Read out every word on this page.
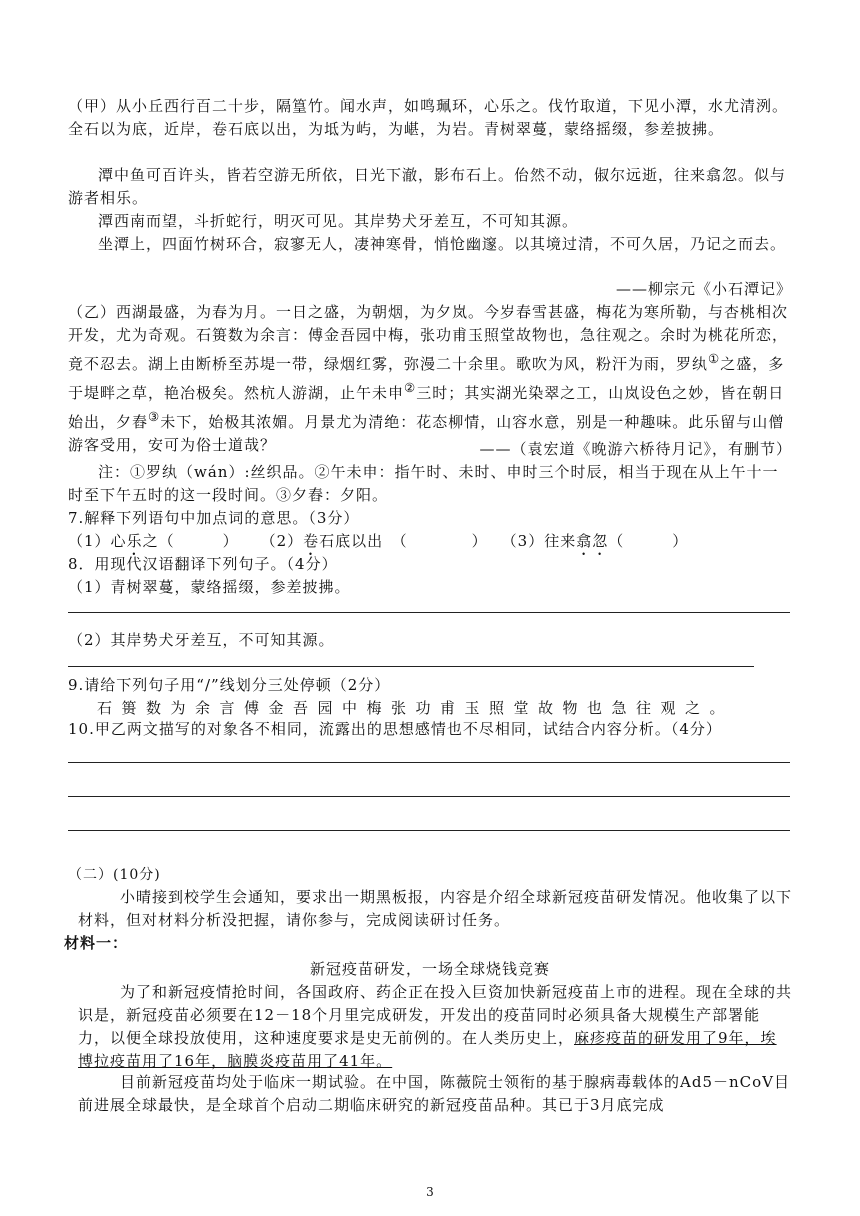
（甲）从小丘西行百二十步，隔篁竹。闻水声，如鸣珮环，心乐之。伐竹取道，下见小潭，水尤清洌。全石以为底，近岸，卷石底以出，为坻为屿，为嵁，为岩。青树翠蔓，蒙络摇缀，参差披拂。

潭中鱼可百许头，皆若空游无所依，日光下澈，影布石上。佁然不动，俶尔远逝，往来翕忽。似与游者相乐。

潭西南而望，斗折蛇行，明灭可见。其岸势犬牙差互，不可知其源。

坐潭上，四面竹树环合，寂寥无人，凄神寒骨，悄怆幽邃。以其境过清，不可久居，乃记之而去。

——柳宗元《小石潭记》

（乙）西湖最盛，为春为月。一日之盛，为朝烟，为夕岚。今岁春雪甚盛，梅花为寒所勒，与杏桃相次开发，尤为奇观。石篑数为余言：傅金吾园中梅，张功甫玉照堂故物也，急往观之。余时为桃花所恋，竟不忍去。湖上由断桥至苏堤一带，绿烟红雾，弥漫二十余里。歌吹为风，粉汗为雨，罗纨①之盛，多于堤畔之草，艳冶极矣。然杭人游湖，止午未申②三时；其实湖光染翠之工，山岚设色之妙，皆在朝日始出，夕舂③未下，始极其浓媚。月景尤为清绝：花态柳情，山容水意，别是一种趣味。此乐留与山僧游客受用，安可为俗士道哉？	——（袁宏道《晚游六桥待月记》，有删节）

注：①罗纨（wán）:丝织品。②午未申：指午时、未时、申时三个时辰，相当于现在从上午十一时至下午五时的这一段时间。③夕舂：夕阳。

7.解释下列语句中加点词的意思。（3分）

（1）心乐之（　　　） （2）卷石底以出　（　　　　） （3）往来翕忽（　　　）

8．用现代汉语翻译下列句子。（4分）

（1）青树翠蔓，蒙络摇缀，参差披拂。

（2）其岸势犬牙差互，不可知其源。

9.请给下列句子用“/”线划分三处停顿（2分）

石篑数为余言傅金吾园中梅张功甫玉照堂故物也急往观之。

10.甲乙两文描写的对象各不相同，流露出的思想感情也不尽相同，试结合内容分析。（4分）

（二）(10分)

小晴接到校学生会通知，要求出一期黑板报，内容是介绍全球新冠疫苗研发情况。他收集了以下材料，但对材料分析没把握，请你参与，完成阅读研讨任务。

材料一：

新冠疫苗研发，一场全球烧钱竞赛

为了和新冠疫情抢时间，各国政府、药企正在投入巨资加快新冠疫苗上市的进程。现在全球的共识是，新冠疫苗必须要在12－18个月里完成研发，开发出的疫苗同时必须具备大规模生产部署能力，以便全球投放使用，这种速度要求是史无前例的。在人类历史上，麻疹疫苗的研发用了9年，埃博拉疫苗用了16年，脑膜炎疫苗用了41年。

目前新冠疫苗均处于临床一期试验。在中国，陈薇院士领衔的基于腺病毒载体的Ad5－nCoV目前进展全球最快，是全球首个启动二期临床研究的新冠疫苗品种。其已于3月底完成

3
